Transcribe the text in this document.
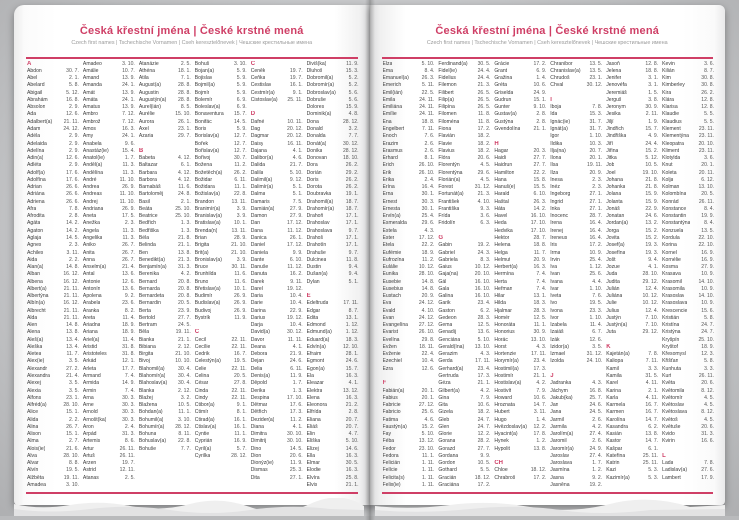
Česká křestní jména | České krstné mená
Czech first names | Tschechische Vornamen | Cseh keresztelőnevek | Чешские крестильные имена
A
Abdon	30. 7.
Ábel	2. 1.
Abelard	5. 8.
Abigail	5. 12.
Abrahám	16. 8.
Absolon	2. 9.
Ada	12. 6.
Adalbert(a) 21. 11.
Adam	24. 12.
Adéla	2. 9.
Adelaida	2. 9.
Adelína	2. 9.
Adin(a)	12. 6.
Adléta	2. 9.
Adolf(a)	17. 6.
Adolfína	17. 6.
Adrian	26. 6.
Adriána	26. 6.
Adriena	26. 6.
Afra	7. 8.
Afrodita	2. 8.
Agáta	14. 2.
Agaton	14. 2.
Aglaja	14. 5.
Agnes	2. 3.
Achiles	3. 11.
Aida	2. 2.
Alan(a)	14. 8.
Alban	16. 12.
Albena	16. 12.
Albert(a)	21. 11.
Albertýna	21. 11.
Albín(a)	16. 12.
Albrecht	21. 11.
Alda	21. 11.
Alen	14. 8.
Alena	13. 8.
Aleš(a)	13. 4.
Aleška	13. 4.
Aletea	11. 7.
Alex(ie)	3. 5.
Alexandr	27. 2.
Alexandra	21. 4.
Alexej	3. 5.
Alexia	3. 5.
Alfons	23. 1.
Alfréd(a)	28. 10.
Alice	15. 1.
Alida	2. 2.
Alina	26. 7.
Alison	15. 1.
Alma	2. 7.
Alois(ie)	21. 6.
Alva	28. 10.
Alvar	8. 8.
Alvín	19. 5.
Alžběta	19. 11.
Amadea	3. 10.
Amadeo	3. 10.
Amálie	10. 7.
Amand	13. 9.
Amanda	24. 1.
Amát	13. 9.
Amáta	24. 1.
Amatus	13. 9.
Ambro	7. 12.
Ambrož	7. 12.
Ámos	16. 3.
Amy	24. 1.
Anabela	9. 6.
Anastáz(ie)	15. 4.
Anatol(ie)	1. 7.
Anděl(a)	11. 3.
Andělína	11. 3.
André	11. 10.
Andrea	26. 9.
Andreas	11. 10.
Andrej	11. 10.
Andriana	26. 9.
Aneta	17. 5.
Anežka	2. 3.
Angela	11. 3.
Angelika	11. 3.
Aniko	26. 7.
Anita	26. 7.
Anna	26. 7.
Anselm(a)	21. 4.
Antal	13. 6.
Antonie	12. 6.
Antonín	13. 6.
Apolena	9. 2.
Arabela	23. 6.
Aranka	8. 2.
Areta	11. 4.
Ariadna	18. 9.
Ariana	18. 9.
Ariel(a)	11. 4.
Aristid	31. 8.
Aristoteles	31. 8.
Arkád	12. 1.
Arleta	17. 7.
Armand	7. 4.
Armida	14. 9.
Armin	7. 4.
Arna	30. 3.
Arne	30. 3.
Arnold	30. 3.
Arnošt(ka)	30. 3.
Áron	2. 4.
Árpád	31. 3.
Artemis	8. 6.
Artur	26. 11.
Artuš	26. 11.
Arzen	19. 7.
Astrid	12. 11.
Atanas	2. 5.
Atanázie	2. 5.
Athéna	18. 1.
Atila	7. 1.
August(a)	28. 8.
Augustin	28. 8.
Augustýn(a) 28. 8.
Aurel(ián)	8. 5.
Aurélie	15. 10.
Aurora	26. 1.
Axel	23. 1.
Azaria	29. 7.
B
Babeta	4. 12.
Baltazar	6. 1.
Barbara	4. 12.
Barbora	4. 12.
Barnabáš	11. 6.
Bartoloměj	24. 8.
Basil	2. 1.
Beáta	25. 10.
Beatrice	25. 10.
Bedřich	1. 3.
Bedřiška	1. 3.
Béla	21. 8.
Belinda	21. 1.
Ben	13. 8.
Benedikt(a)	21. 3.
Benjamín(a) 31. 3.
Berenika	4. 2.
Bernard	20. 8.
Bernarda	20. 8.
Bernardeta	20. 8.
Bernardin	20. 5.
Berta	23. 9.
Bertold	27. 7.
Bertram	24. 5.
Běla	19. 11.
Bianka	21. 1.
Bibiana	2. 12.
Birgita	21. 10.
Bivoj	10. 10.
Blahomil(a)	30. 4.
Blahomír(a) 30. 4.
Blahoslav(a) 30. 4.
Blanka	2. 12.
Blažej	3. 2.
Blažena	10. 5.
Bohdan(a)	11. 1.
Bohumil(a)	3. 10.
Bohumír(a) 28. 12.
Bohuna	8. 11.
Bohuslav(a) 22. 8.
Bohuše	7. 7.
Bohuš	3. 10.
Bojan(a)	5. 9.
Bojislav	5. 9.
Bojmil(a)	5. 9.
Bojmír	5. 9.
Bolemír	6. 9.
Boleslav(a)	6. 9.
Bonaventura 15. 7.
Bonifác	14. 5.
Boris	5. 9.
Borislav(a)	12. 7.
Bořek	12. 7.
Bořislav(a)	12. 7.
Bořivoj	30. 7.
Božena	11. 2.
Božetěch(a) 26. 2.
Božidar	6. 11.
Božidara	11. 1.
Božislav(a)	22. 8.
Brandon	13. 11.
Branimír(a)	3. 9.
Branislav(a)	3. 9.
Bratislav(a)	10. 1.
Brenda(n)	13. 11.
Brian	28. 9.
Brigita	21. 10.
Brit(a)	21. 10.
Bronislav(a)	3. 9.
Bruce	30. 11.
Brunhilda	11. 6.
Bruno	11. 6.
Břetislav(a)	10. 1.
Budimír	26. 9.
Budislav(a)	26. 9.
Budivoj	26. 9.
Bystrík	11. 9.
C
Cecil	22. 11.
Cecílie	22. 11.
Cedrik	16. 7.
Celestýn(a)	19. 5.
Celie	22. 11.
Celina	20. 5.
César	27. 8.
Cinda	22. 11.
Cindy	22. 11.
Ctibor(a)	9. 1.
Ctimír	8. 1.
Ctirad(a)	16. 1.
Ctislav(a)	16. 1.
Cyntie	11. 1.
Cyprián	16. 9.
Cyril(a)	5. 7.
Cyrilka	28. 12.
Č
Čeněk	19. 7.
Čeňka	19. 7.
Čestislav	16. 1.
Čestmír(a)	9. 1.
Čistoslav(a) 25. 11.
D
Dafné	10. 11.
Dag	20. 12.
Dagmar	20. 12.
Daisy	16. 11.
Dajana	4. 1.
Dalibor(a)	4. 6.
Dalida	21. 7.
Dalila	5. 10.
Dalimil(a)	9. 12.
Dalimír(a)	5. 1.
Dalma	5. 1.
Damaris	7. 5.
Damián(a)	27. 9.
Damon	27. 9.
Dan	17. 12.
Dana	11. 12.
Danica	26. 1.
Daniel	17. 12.
Daniela	9. 9.
Dante	6. 10.
Danuše	11. 12.
Danuta	16. 2.
Darek	9. 11.
Darel	19. 12.
Daria	10. 4.
Darie	10. 4.
Darina	22. 9.
Darius	19. 12.
Darja	10. 4.
David(a)	30. 12.
Davor	11. 11.
Deana	4. 1.
Debora	21. 9.
Dejan	24. 6.
Delia	6. 11.
Denis(a)	11. 9.
Děpold	1. 7.
Derika	1. 3.
Despina	17. 10.
Dětmar	17. 6.
Dětřich	17. 3.
Dezider(a)	11. 2.
Diana	4. 1.
Dimitra	30. 10.
Dimitrij	30. 10.
Dino	14. 5.
Dion	20. 6.
Dionýz(ie)	11. 9.
Dismas	25. 3.
Dita	27. 1.
Diviš(ka)	11. 9.
Dluhoš	15. 3.
Dobromil(a)	5. 2.
Dobromír(a)	5. 2.
Dobroslav(a)	5. 6.
Dobruše	5. 6.
Dolores	15. 9.
Dominik(a)	4. 8.
Dona	28. 12.
Donald	3. 2.
Donalda	7. 7.
Donát(a)	30. 12.
Donika	28. 12.
Donovan	18. 10.
Dora	26. 2.
Dorián	29. 2.
Doris	26. 2.
Dorota	26. 2.
Doubravka	19. 1.
Drahomil(a) 18. 7.
Drahomír(a) 18. 7.
Drahoň	17. 1.
Drahoslav	17. 1.
Drahoslava	9. 7.
Drahoš	17. 1.
Drahotín	17. 1.
Drahuše	9. 7.
Dulcinea	11. 8.
Dustin	9. 4.
Dušan(a)	9. 4.
Dylan	5. 1.
E
Edeltruda	17. 11.
Edgar	8. 7.
Edita	13. 1.
Edmond	1. 12.
Edmund(a)	1. 12.
Eduard(a)	18. 3.
Edvín(a)	12. 10.
Efraim	28. 1.
Egmont	24. 6.
Egon(a)	15. 7.
Ela	16. 3.
Eleazar	4. 1.
Elektra	13. 12.
Elena	16. 3.
Eleonora	21. 2.
Elfrída	2. 8.
Eliana	20. 7.
Eliáš	20. 7.
Elin	4. 7.
Eliška	5. 10.
Elizej	14. 6.
Ella	16. 3.
Elmar	30. 5.
Elodie	16. 3.
Elvíra	25. 8.
Elvis	21. 1.
Česká křestní jména | České krstné mená
Czech first names | Tschechische Vornamen | Cseh keresztelőnevek | Чешские крестильные имена
Elza	5. 10.
Ema	8. 4.
Emanuel(a)	26. 3.
Emerich	5. 11.
Emil(ián)	22. 5.
Emila	24. 11.
Emiliána	24. 11.
Emílie	24. 11.
Ena	18. 8.
Engelbert	7. 11.
Enoch	7. 6.
Erazim	2. 6.
Erasmus	2. 6.
Erhard	8. 1.
Erich	26. 10.
Erik	26. 10.
Erika	2. 4.
Erína	16. 4.
Erna	30. 1.
Ernest	30. 3.
Ernesta	30. 1.
Ervín(a)	25. 4.
Esmeralda	29. 6.
Estela	4. 3.
Ester	17. 12.
Etela	22. 2.
Eufémie	18. 9.
Eufrozína	11. 2.
Eulálie	10. 12.
Eunika	28. 10.
Eusebie	14. 8.
Eusebius	14. 8.
Eustach	20. 9.
Eva	24. 12.
Evald	4. 10.
Evan	24. 12.
Evangelína 27. 12.
Evarist	26. 10.
Evelína	29. 8.
Evžen	18. 11.
Evženie	22. 4.
Ezechiel	10. 4.
Ezra	12. 6.
F
Fabián(a)	20. 1.
Fabius	20. 1.
Fabricie	27. 12.
Fabricio	25. 6.
Fatima	4. 6.
Faustýn(a)	15. 2.
Fay	5. 10.
Féba	13. 12.
Fedor	23. 10.
Fedora	11. 1.
Felicián	1. 11.
Felície	1. 11.
Felicita(s)	1. 11.
Felix(ie)	1. 11.
Ferdinand(a) 30. 5.
Fidel(ie)	24. 4.
Fidelius	24. 4.
Filemon	21. 3.
Filibert	26. 5.
Filip(a)	26. 5.
Filipína	26. 5.
Filomen	11. 8.
Filoména	11. 8.
Fiona	17. 2.
Flavián	18. 2.
Flavie	18. 2.
Flavius	18. 2.
Flóra	20. 6.
Florentýn	4. 5.
Florentýna	29. 6.
Florián(a)	4. 5.
Forest	31. 12.
Fortunát(a)	21. 3.
František	4. 10.
Františka	9. 3.
Frída	3. 6.
Fridolín	6. 3.
G
Gabin	19. 2.
Gabriel	24. 3.
Gabriela	8. 3.
Gaius	10. 12.
Gaja(na)	20. 10.
Gál	16. 10.
Gala	16. 10.
Galina	16. 10.
Garik	23. 4.
Gaston	6. 2.
Gedeon	28. 3.
Gema	12. 5.
Genadij	13. 6.
Genciána	5. 10.
Gerald(ína) 13. 10.
Gerazim	4. 3.
Gerda	17. 11.
Gerhard(a)	23. 4.
Gertruda	17. 3.
Géza	21. 1.
Gilbert(a)	4. 2.
Gina	7. 9.
Gita	10. 6.
Gizela	18. 2.
Gleb	24. 7.
Glen	24. 7.
Glorie	12. 2.
Gorana	28. 2.
Gorazd	27. 7.
Gordana	9. 9.
Gordon	10. 5.
Gothard	5. 5.
Gracián	18. 12.
Graciána	17. 2.
Grácie	17. 2.
Grant	6. 9.
Gražina	1. 4.
Gréta	10. 6.
Griselda	24. 9.
Gudrun	15. 1.
Gunter	9. 10.
Gustav(a)	2. 8.
Gustýna	2. 8.
Gvendolína	21. 1.
H
Hagar	20. 3.
Haidi	27. 7.
Haidrun	27. 7.
Hamilton	22. 2.
Hana	15. 8.
Hanuš(e)	15. 5.
Harald	6. 10.
Haštal	26. 3.
Háta	14. 2.
Havel	16. 10.
Heda	17. 10.
Hedvika	17. 10.
Hektor	28. 7.
Helena	18. 8.
Helga	11. 7.
Helmut	20. 9.
Herbert(a)	16. 3.
Hermína	7. 4.
Herta	7. 4.
Heřman	7. 4.
Hilar	13. 1.
Hilda	18. 3.
Hjalmar	28. 3.
Homér	12. 5.
Honoráta	11. 1.
Honorius	30. 9.
Horác	13. 10.
Horst	4. 3.
Hortenzie	17. 11.
Horymír(a)	23. 4.
Hostimil(a)	17. 3.
Hostimír	21. 1.
Hostislav(a)	4. 2.
Hostivít	7. 9.
Howard	10. 6.
Hroznata	14. 7.
Hubert	3. 11.
Hugo	1. 4.
Hvězdoslav(a) 12. 2.
Hyacint(a)	17. 8.
Hynek	1. 2.
Hypolit	13. 8.
CH
Chloe	18. 12.
Chrabroš	17. 2.
Chranibor	13. 5.
Chranislav(a) 13. 5.
Chrudoš	23. 1.
Chval	30. 12.
I
Iboja	7. 8.
Ida	15. 3.
Ignác(ie)	31. 7.
Ignát(a)	31. 7.
Igor	1. 10.
Ildika	10. 3.
Ilja(na)	20. 7.
Ilona	20. 1.
Ilsa	19. 11.
Ilza	20. 9.
Inesa	2. 3.
Inéz	2. 3.
Ingeborg	27. 1.
Ingrid	27. 1.
Inka	27. 1.
Inocenc	28. 7.
Irena	16. 4.
Irenej	16. 4.
Ireneus	16. 4.
Iris	17. 2.
Irma	10. 9.
Irvin	25. 4.
Iva	1. 12.
Ivan	25. 6.
Ivana	4. 4.
Ivar	1. 10.
Iveta	7. 6.
Ivo	19. 5.
Ivona	23. 3.
Ivor	1. 10.
Izabela	11. 4.
Izaiáš	6. 7.
Izák	12. 6.
Izidor(a)	3. 5.
Izmael	31. 12.
Izolda	24. 10.
J
Jadranka	4. 3.
Jáchym	16. 8.
Jakub(ka)	25. 7.
Jan	24. 6.
Jana	24. 5.
Jarmil	2. 6.
Jarmila	4. 2.
Jarolím(a)	27. 4.
Jaromil	2. 6.
Jaromír(a)	24. 9.
Jaroslav	27. 4.
Jaroslava	1. 7.
Jasmína	1. 2.
Jasna	9. 2.
Jasněna	19. 2.
Jasoň	12. 8.
Jelena	18. 8.
Jenifer	3. 1.
Jenovéfa	3. 1.
Jeremiáš	1. 5.
Jerguš	3. 8.
Jeronym	30. 9.
Jesika	2. 11.
Jiljí	1. 9.
Jindřich	15. 7.
Jindřiška	4. 9.
Jiří	24. 4.
Jiřina	15. 2.
Jitka	5. 12.
Job	10. 5.
Joel	19. 10.
Johana	21. 8.
Johanka	21. 8.
Jolana	15. 9.
Jolanta	15. 9.
Jonáš	22. 9.
Jonatan	24. 6.
Jordan(a)	13. 2.
Jorga	15. 2.
Jovita	15. 2.
Josef(a)	19. 3.
Josefína	19. 3.
Jošt	9. 4.
Jozue	4. 1.
Juda	28. 10.
Judita	29. 12.
Julián	12. 4.
Juliána	10. 12.
Julie	10. 12.
Julius	12. 4.
Justýn	7. 10.
Justýn(a)	7. 10.
Juta	29. 12.
K
Kajetán(a)	7. 8.
Kaliopa	7. 11.
Kamil	3. 3.
Kamila	31. 5.
Karel	4. 11.
Karina	2. 1.
Karla	4. 11.
Karmela	16. 7.
Karmen	16. 7.
Karolína	14. 7.
Kasandra	6. 2.
Kasián	13. 8.
Kastor	14. 7.
Kašpar	6. 1.
Kateřina	25. 11.
Katrin	25. 11.
Kazi	5. 3.
Kazimír(a)	5. 3.
Kevin	3. 6.
Kilián	8. 7.
Kim	30. 8.
Kimberley	30. 8.
Kira	26. 2.
Klára	12. 8.
Klarisa	12. 8.
Klaudie	5. 5.
Klaudius	5. 5.
Klement	23. 11.
Klementýna 23. 11.
Kleopatra	20. 10.
Kliment	23. 11.
Klotylda	3. 6.
Knut	20. 1.
Koleta	20. 11.
Kolja	6. 12.
Kolman	13. 10.
Kolombína	20. 5.
Konrád	26. 11.
Konstance	8. 4.
Konstantin	19. 9.
Konstantýna	8. 4.
Konzuela	13. 5.
Kordula	22. 10.
Korina	22. 10.
Kornel	16. 9.
Kornélie	16. 9.
Kosma	27. 9.
Krasava	10. 9.
Krasomil	14. 10.
Krasomila	10. 9.
Krasoslav	14. 10.
Krasoslava	10. 9.
Krescencie	15. 6.
Kristián	5. 8.
Kristína	24. 7.
Kristýna	24. 7.
Kryšpín	25. 10.
Kryštof	18. 9.
Křesomysl	12. 3.
Křišťan	5. 8.
Kunhuta	3. 3.
Kurt	26. 11.
Květa	20. 6.
Květomila	8. 12.
Květomír	4. 5.
Květoslav	4. 5.
Květoslava	8. 12.
Květoš	4. 5.
Květuše	20. 6.
Kvido	31. 3.
Kvirin	16. 6.
L
Lada	7. 8.
Ladislav(a)	27. 6.
Lambert	17. 9.
